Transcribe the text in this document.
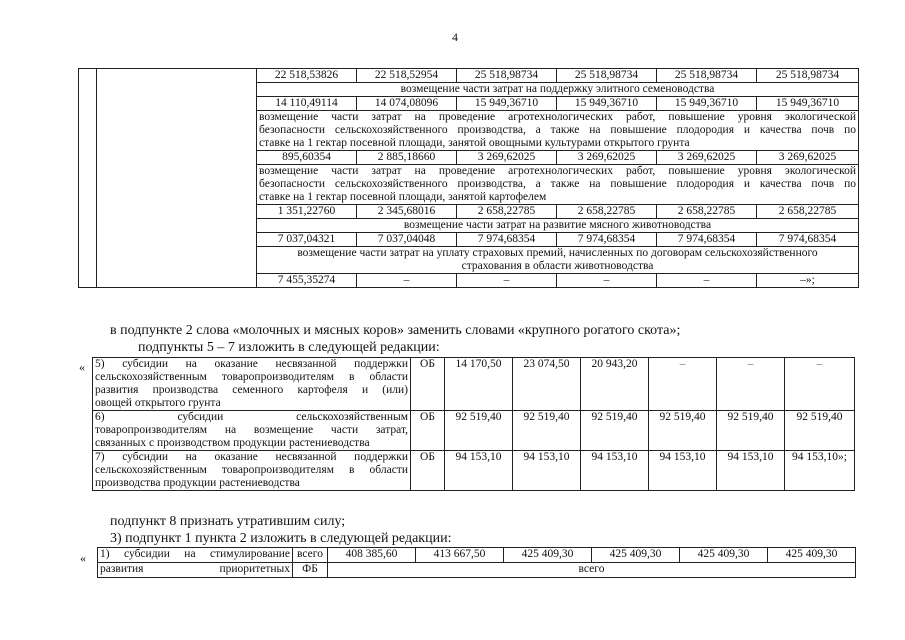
4
		22 518,53826	22 518,52954	25 518,98734	25 518,98734	25 518,98734	25 518,98734
		возмещение части затрат на поддержку элитного семеноводства					
		14 110,49114	14 074,08096	15 949,36710	15 949,36710	15 949,36710	15 949,36710

		возмещение части затрат на проведение агротехнологических работ, повышение уровня экологической
безопасности сельскохозяйственного производства, а также на повышение плодородия и качества почв по
ставке на 1 гектар посевной площади, занятой овощными культурами открытого грунта					

		895,60354	2 885,18660	3 269,62025	3 269,62025	3 269,62025	3 269,62025

		возмещение части затрат на проведение агротехнологических работ, повышение уровня экологической
безопасности сельскохозяйственного производства, а также на повышение плодородия и качества почв по
ставке на 1 гектар посевной площади, занятой картофелем					

		1 351,22760	2 345,68016	2 658,22785	2 658,22785	2 658,22785	2 658,22785
		возмещение части затрат на развитие мясного животноводства					
		7 037,04321	7 037,04048	7 974,68354	7 974,68354	7 974,68354	7 974,68354

		возмещение части затрат на уплату страховых премий, начисленных по договорам сельскохозяйственного
страхования в области животноводства					

		7 455,35274	–	–	–	–	–»;
в подпункте 2 слова «молочных и мясных коров» заменить словами «крупного рогатого скота»;
подпункты 5 – 7 изложить в следующей редакции:
« 5) субсидии на оказание несвязанной поддержки
сельскохозяйственным товаропроизводителям в области
развития производства семенного картофеля и (или)
овощей открытого грунта	ОБ	14 170,50	23 074,50	20 943,20	–	–	–

6) субсидии сельскохозяйственным
товаропроизводителям на возмещение части затрат,
связанных с производством продукции растениеводства	ОБ	92 519,40	92 519,40	92 519,40	92 519,40	92 519,40	92 519,40

7) субсидии на оказание несвязанной поддержки
сельскохозяйственным товаропроизводителям в области
производства продукции растениеводства	ОБ	94 153,10	94 153,10	94 153,10	94 153,10	94 153,10	94 153,10»;
подпункт 8 признать утратившим силу;
3) подпункт 1 пункта 2 изложить в следующей редакции:
« 1) субсидии на стимулирование	всего	408 385,60	413 667,50	425 409,30	425 409,30	425 409,30	425 409,30
развития приоритетных	ФБ	всего					
